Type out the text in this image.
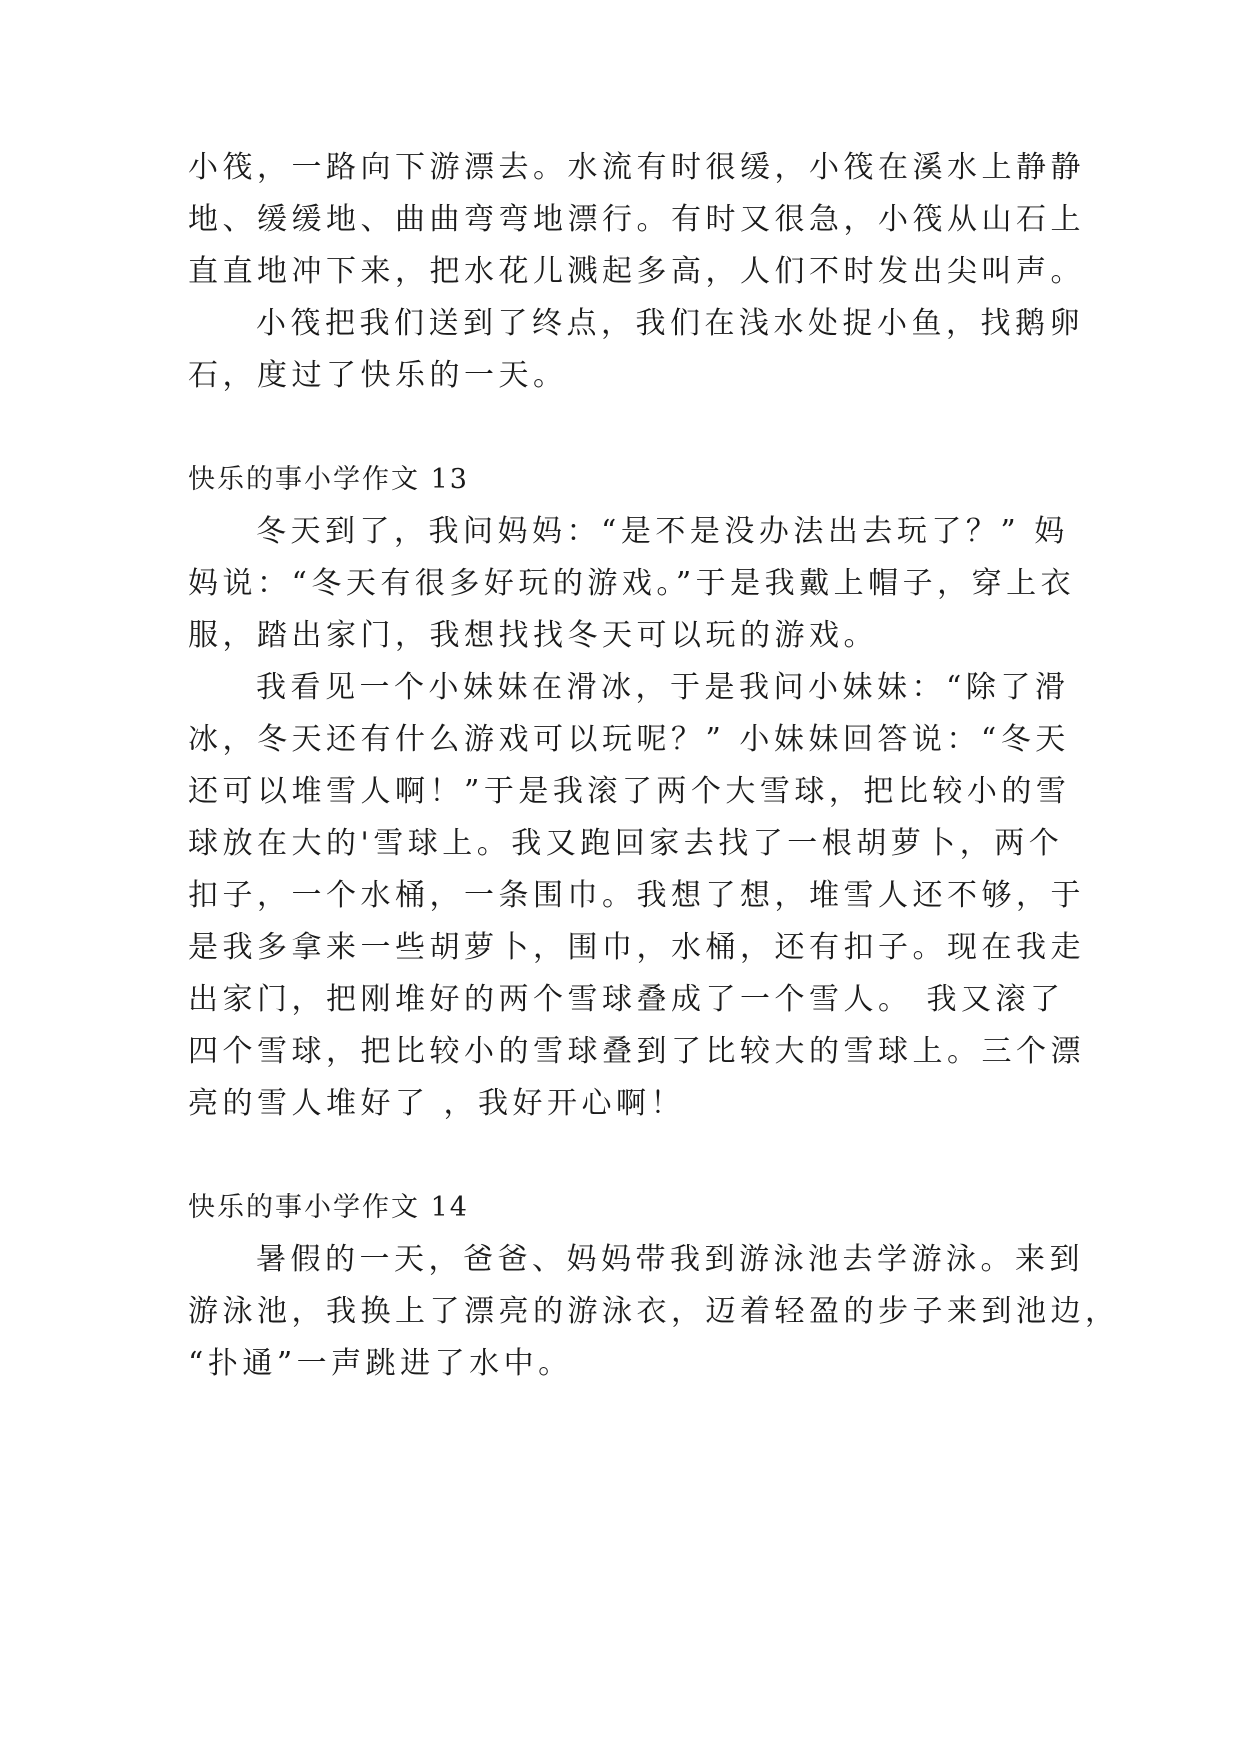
小筏，一路向下游漂去。水流有时很缓，小筏在溪水上静静
地、缓缓地、曲曲弯弯地漂行。有时又很急，小筏从山石上
直直地冲下来，把水花儿溅起多高，人们不时发出尖叫声。
小筏把我们送到了终点，我们在浅水处捉小鱼，找鹅卵
石，度过了快乐的一天。
快乐的事小学作文 13
冬天到了，我问妈妈：“是不是没办法出去玩了？” 妈
妈说：“冬天有很多好玩的游戏。”于是我戴上帽子，穿上衣
服，踏出家门，我想找找冬天可以玩的游戏。
我看见一个小妹妹在滑冰，于是我问小妹妹：“除了滑
冰，冬天还有什么游戏可以玩呢？” 小妹妹回答说：“冬天
还可以堆雪人啊！”于是我滚了两个大雪球，把比较小的雪
球放在大的'雪球上。我又跑回家去找了一根胡萝卜，两个
扣子，一个水桶，一条围巾。我想了想，堆雪人还不够，于
是我多拿来一些胡萝卜，围巾，水桶，还有扣子。现在我走
出家门，把刚堆好的两个雪球叠成了一个雪人。 我又滚了
四个雪球，把比较小的雪球叠到了比较大的雪球上。三个漂
亮的雪人堆好了 ，我好开心啊！
快乐的事小学作文 14
暑假的一天，爸爸、妈妈带我到游泳池去学游泳。来到
游泳池，我换上了漂亮的游泳衣，迈着轻盈的步子来到池边，
“扑通”一声跳进了水中。
